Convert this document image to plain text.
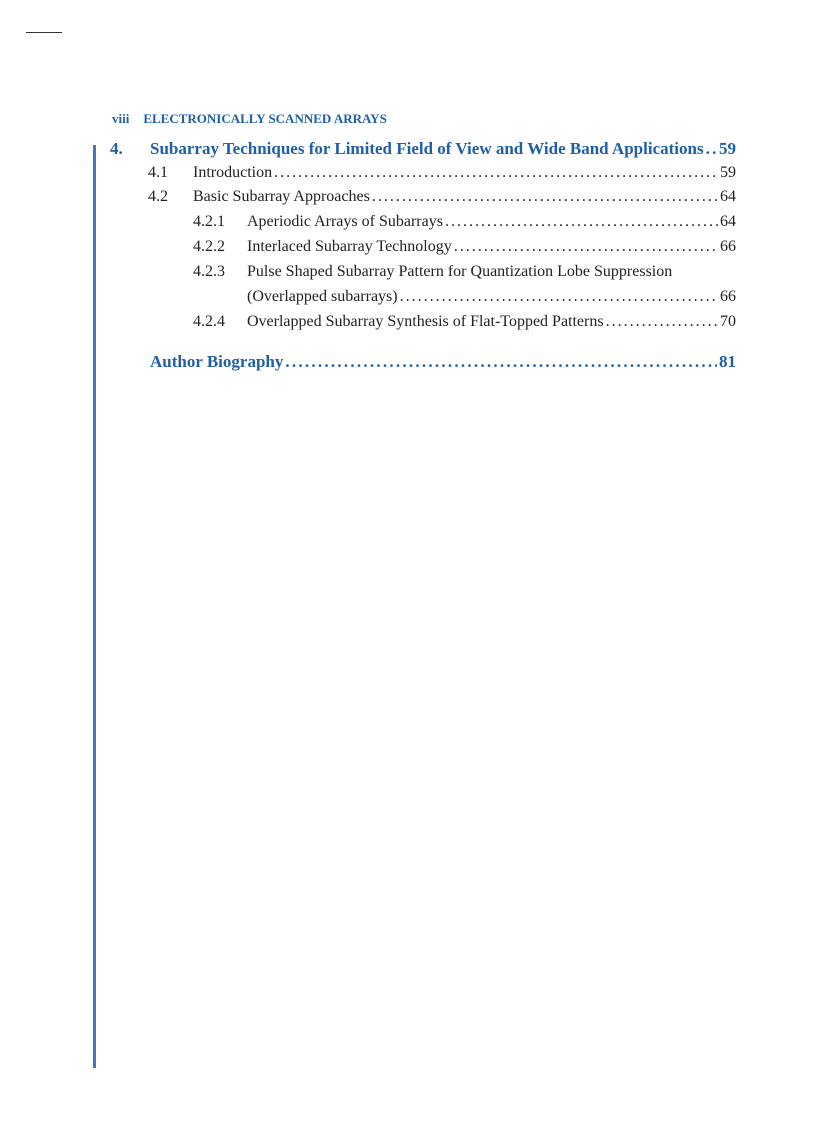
viii ELECTRONICALLY SCANNED ARRAYS
4. Subarray Techniques for Limited Field of View and Wide Band Applications . . . 59
4.1 Introduction . . .	59
4.2 Basic Subarray Approaches . . .	64
4.2.1 Aperiodic Arrays of Subarrays . . .	64
4.2.2 Interlaced Subarray Technology . . .	66
4.2.3 Pulse Shaped Subarray Pattern for Quantization Lobe Suppression
(Overlapped subarrays) . . .	66
4.2.4 Overlapped Subarray Synthesis of Flat-Topped Patterns . . .	70
Author Biography . . .	81
